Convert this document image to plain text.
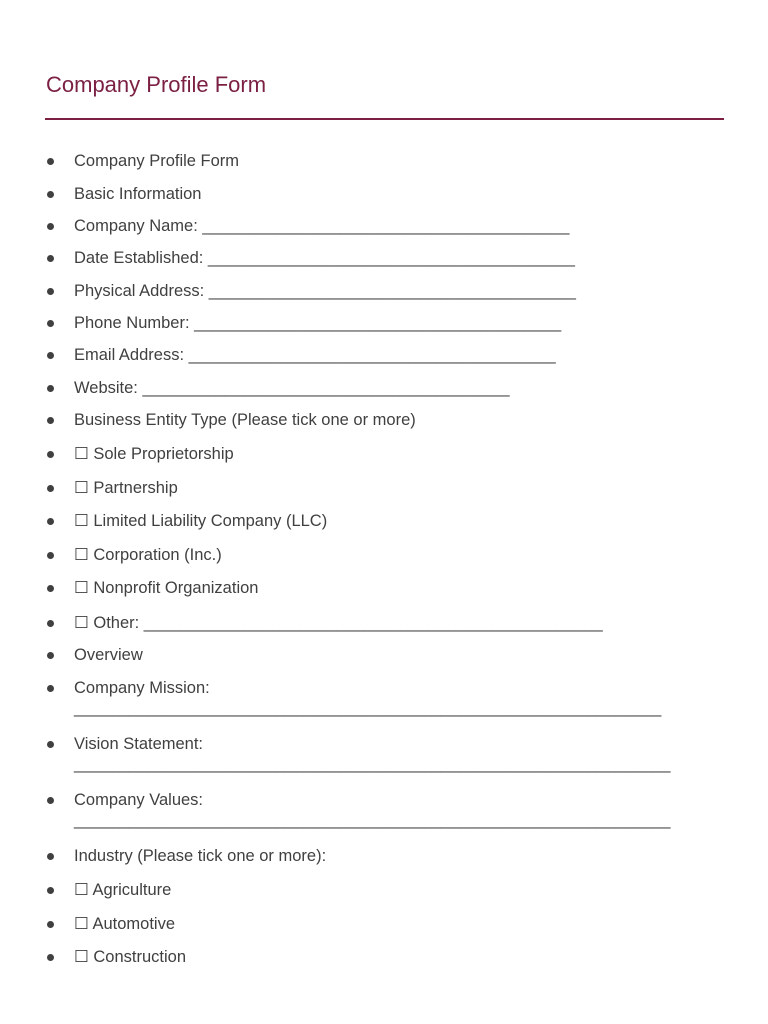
Company Profile Form
Company Profile Form
Basic Information
Company Name: ________________________________________
Date Established: ________________________________________
Physical Address: ________________________________________
Phone Number: ________________________________________
Email Address: ________________________________________
Website: ________________________________________
Business Entity Type (Please tick one or more)
☐ Sole Proprietorship
☐ Partnership
☐ Limited Liability Company (LLC)
☐ Corporation (Inc.)
☐ Nonprofit Organization
☐ Other: __________________________________________________
Overview
Company Mission:
________________________________________________________________
Vision Statement:
_________________________________________________________________
Company Values:
_________________________________________________________________
Industry (Please tick one or more):
☐ Agriculture
☐ Automotive
☐ Construction
